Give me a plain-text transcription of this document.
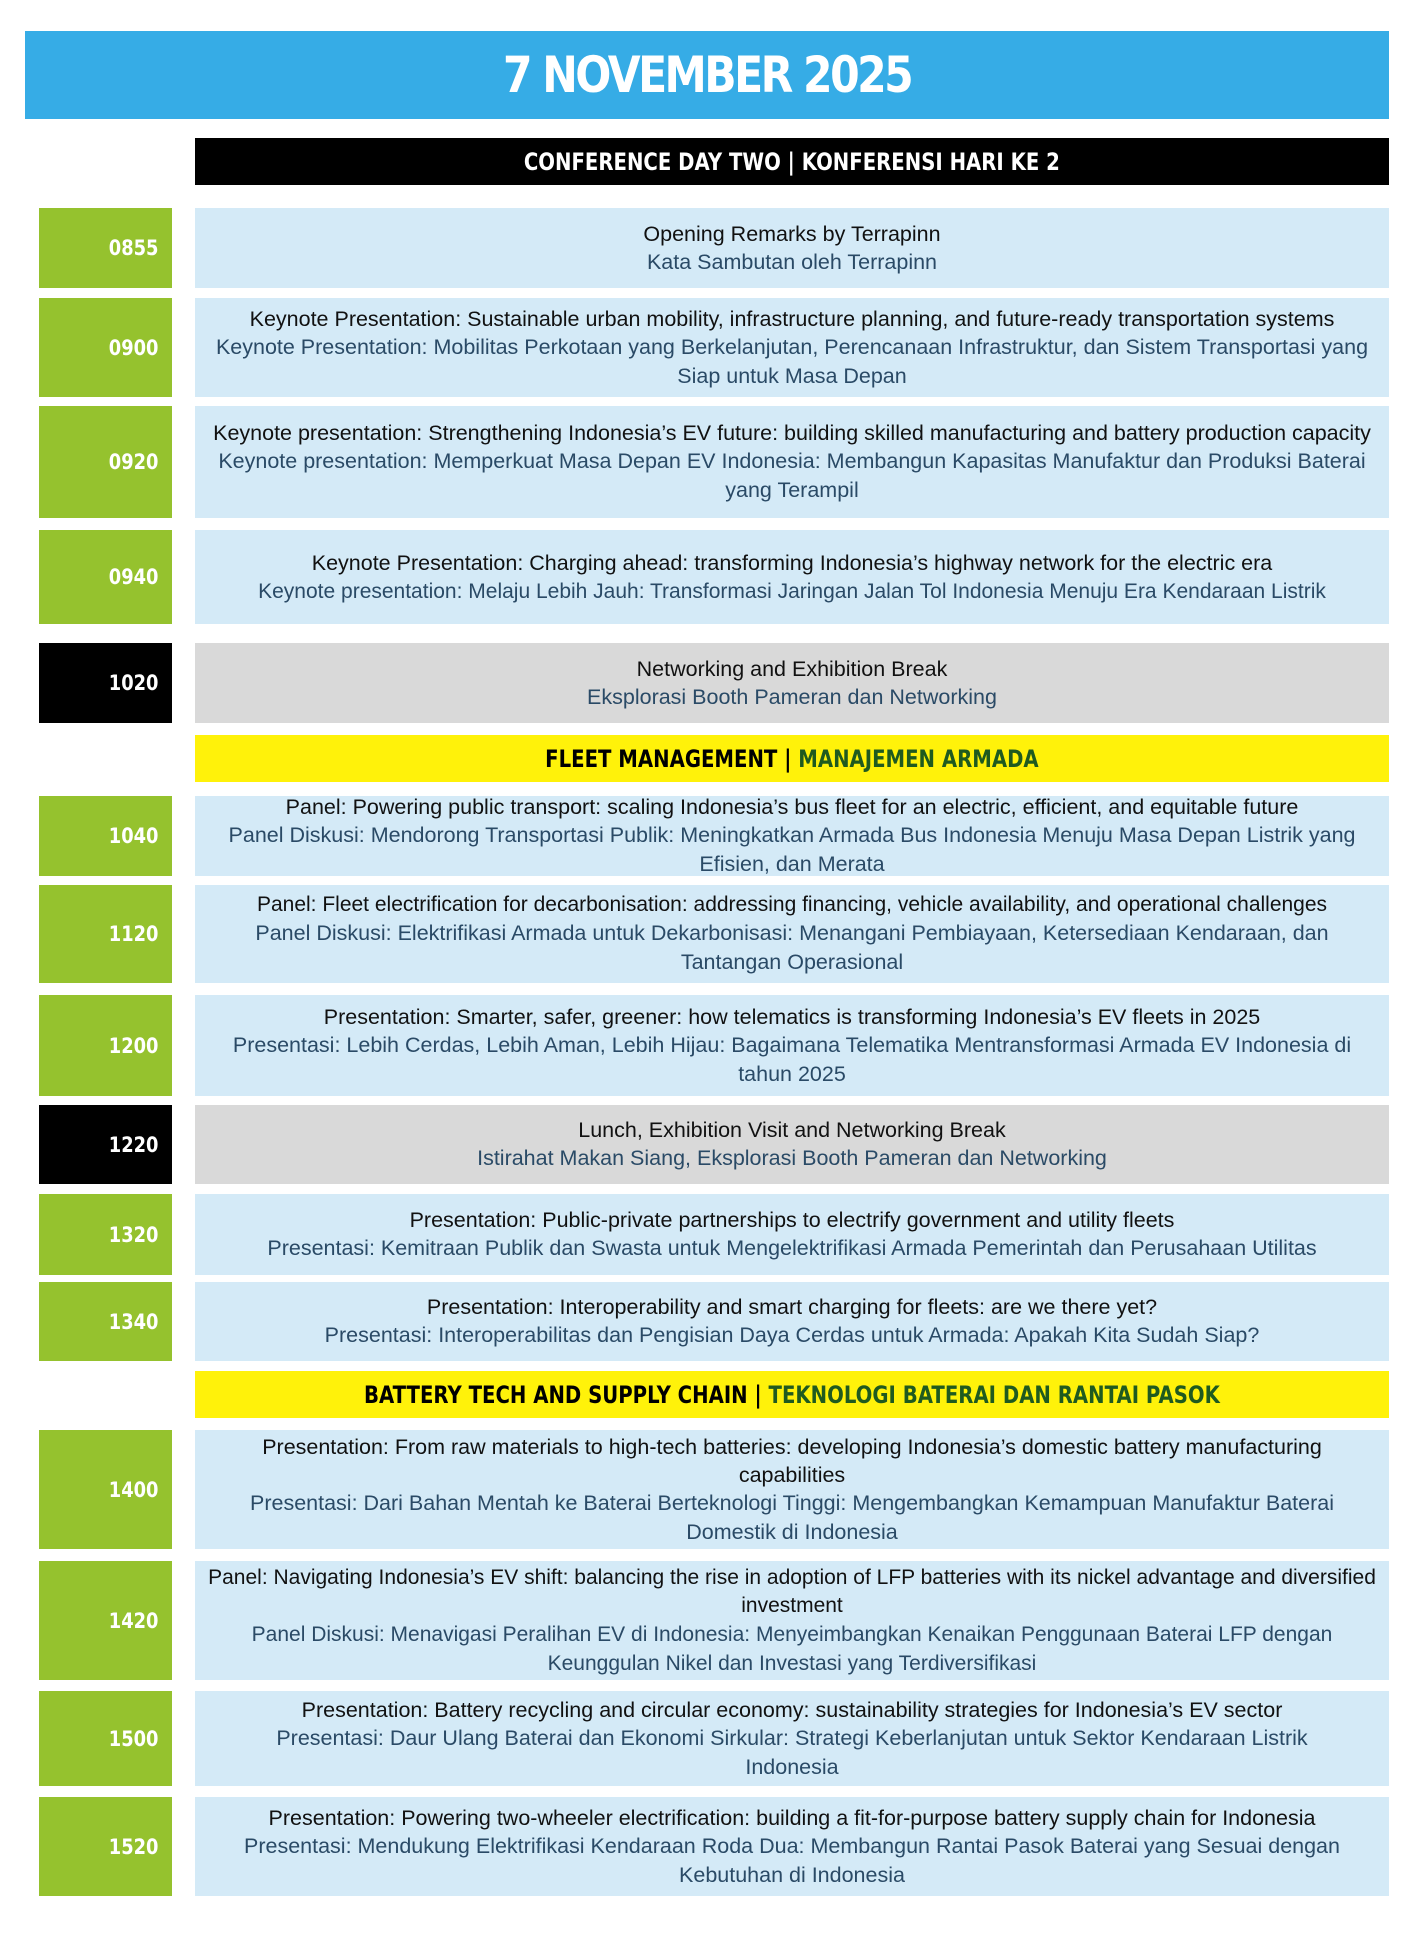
7 NOVEMBER 2025
CONFERENCE DAY TWO | KONFERENSI HARI KE 2
0855
Opening Remarks by Terrapinn
Kata Sambutan oleh Terrapinn
0900
Keynote Presentation: Sustainable urban mobility, infrastructure planning, and future-ready transportation systems
Keynote Presentation: Mobilitas Perkotaan yang Berkelanjutan, Perencanaan Infrastruktur, dan Sistem Transportasi yang Siap untuk Masa Depan
0920
Keynote presentation: Strengthening Indonesia’s EV future: building skilled manufacturing and battery production capacity
Keynote presentation: Memperkuat Masa Depan EV Indonesia: Membangun Kapasitas Manufaktur dan Produksi Baterai yang Terampil
0940
Keynote Presentation: Charging ahead: transforming Indonesia’s highway network for the electric era
Keynote presentation: Melaju Lebih Jauh: Transformasi Jaringan Jalan Tol Indonesia Menuju Era Kendaraan Listrik
1020
Networking and Exhibition Break
Eksplorasi Booth Pameran dan Networking
FLEET MANAGEMENT | MANAJEMEN ARMADA
1040
Panel: Powering public transport: scaling Indonesia’s bus fleet for an electric, efficient, and equitable future
Panel Diskusi: Mendorong Transportasi Publik: Meningkatkan Armada Bus Indonesia Menuju Masa Depan Listrik yang Efisien, dan Merata
1120
Panel: Fleet electrification for decarbonisation: addressing financing, vehicle availability, and operational challenges
Panel Diskusi: Elektrifikasi Armada untuk Dekarbonisasi: Menangani Pembiayaan, Ketersediaan Kendaraan, dan Tantangan Operasional
1200
Presentation: Smarter, safer, greener: how telematics is transforming Indonesia’s EV fleets in 2025
Presentasi: Lebih Cerdas, Lebih Aman, Lebih Hijau: Bagaimana Telematika Mentransformasi Armada EV Indonesia di tahun 2025
1220
Lunch, Exhibition Visit and Networking Break
Istirahat Makan Siang, Eksplorasi Booth Pameran dan Networking
1320
Presentation: Public-private partnerships to electrify government and utility fleets
Presentasi: Kemitraan Publik dan Swasta untuk Mengelektrifikasi Armada Pemerintah dan Perusahaan Utilitas
1340
Presentation: Interoperability and smart charging for fleets: are we there yet?
Presentasi: Interoperabilitas dan Pengisian Daya Cerdas untuk Armada: Apakah Kita Sudah Siap?
BATTERY TECH AND SUPPLY CHAIN | TEKNOLOGI BATERAI DAN RANTAI PASOK
1400
Presentation: From raw materials to high-tech batteries: developing Indonesia’s domestic battery manufacturing capabilities
Presentasi: Dari Bahan Mentah ke Baterai Berteknologi Tinggi: Mengembangkan Kemampuan Manufaktur Baterai Domestik di Indonesia
1420
Panel: Navigating Indonesia’s EV shift: balancing the rise in adoption of LFP batteries with its nickel advantage and diversified investment
Panel Diskusi: Menavigasi Peralihan EV di Indonesia: Menyeimbangkan Kenaikan Penggunaan Baterai LFP dengan Keunggulan Nikel dan Investasi yang Terdiversifikasi
1500
Presentation: Battery recycling and circular economy: sustainability strategies for Indonesia’s EV sector
Presentasi: Daur Ulang Baterai dan Ekonomi Sirkular: Strategi Keberlanjutan untuk Sektor Kendaraan Listrik Indonesia
1520
Presentation: Powering two-wheeler electrification: building a fit-for-purpose battery supply chain for Indonesia
Presentasi: Mendukung Elektrifikasi Kendaraan Roda Dua: Membangun Rantai Pasok Baterai yang Sesuai dengan Kebutuhan di Indonesia
